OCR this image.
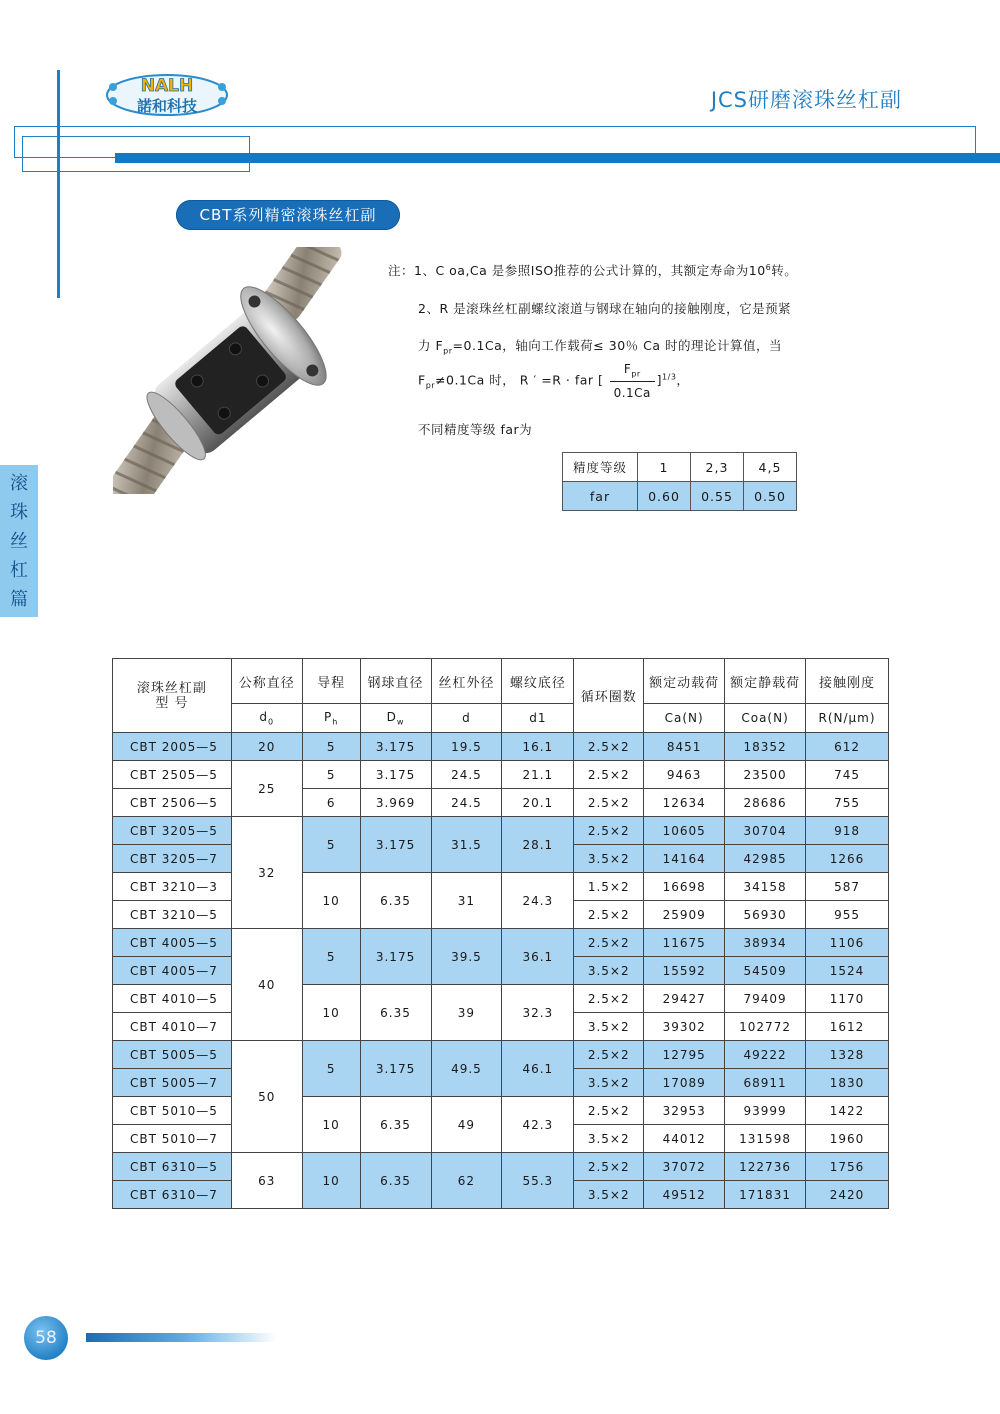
NALH
諾和科技	JCS研磨滚珠丝杠副
CBT系列精密滚珠丝杠副
滚
珠
丝
杠
篇
注：1、C oa,Ca 是参照ISO推荐的公式计算的，其额定寿命为$10^6$转。
2、R 是滚珠丝杠副螺纹滚道与钢球在轴向的接触刚度，它是预紧
力 $F_{pr}=0.1Ca$，轴向工作载荷≤ 30％ Ca 时的理论计算值，当
$F_{pr}\ne 0.1Ca$ 时， R ′ =R · far [ $\frac{F_{pr}}{0.1Ca} ]^{1/3}$，
不同精度等级 far为
精度等级	1	2,3	4,5
far	0.60	0.55	0.50
滚珠丝杠副
型 号	公称直径	导程	钢球直径	丝杠外径	螺纹底径	循环圈数	额定动载荷	额定静载荷	接触刚度
	$d_0$	$P_h$	$D_w$	d	d1		Ca(N)	Coa(N)	R(N/μm)
CBT 2005—5	20	5	3.175	19.5	16.1	2.5×2	8451	18352	612
CBT 2505—5	25	5	3.175	24.5	21.1	2.5×2	9463	23500	745
CBT 2506—5		6	3.969	24.5	20.1	2.5×2	12634	28686	755
CBT 3205—5	32	5	3.175	31.5	28.1	2.5×2	10605	30704	918
CBT 3205—7						3.5×2	14164	42985	1266
CBT 3210—3		10	6.35	31	24.3	1.5×2	16698	34158	587
CBT 3210—5						2.5×2	25909	56930	955
CBT 4005—5	40	5	3.175	39.5	36.1	2.5×2	11675	38934	1106
CBT 4005—7						3.5×2	15592	54509	1524
CBT 4010—5		10	6.35	39	32.3	2.5×2	29427	79409	1170
CBT 4010—7						3.5×2	39302	102772	1612
CBT 5005—5	50	5	3.175	49.5	46.1	2.5×2	12795	49222	1328
CBT 5005—7						3.5×2	17089	68911	1830
CBT 5010—5		10	6.35	49	42.3	2.5×2	32953	93999	1422
CBT 5010—7						3.5×2	44012	131598	1960
CBT 6310—5	63	10	6.35	62	55.3	2.5×2	37072	122736	1756
CBT 6310—7						3.5×2	49512	171831	2420
58
